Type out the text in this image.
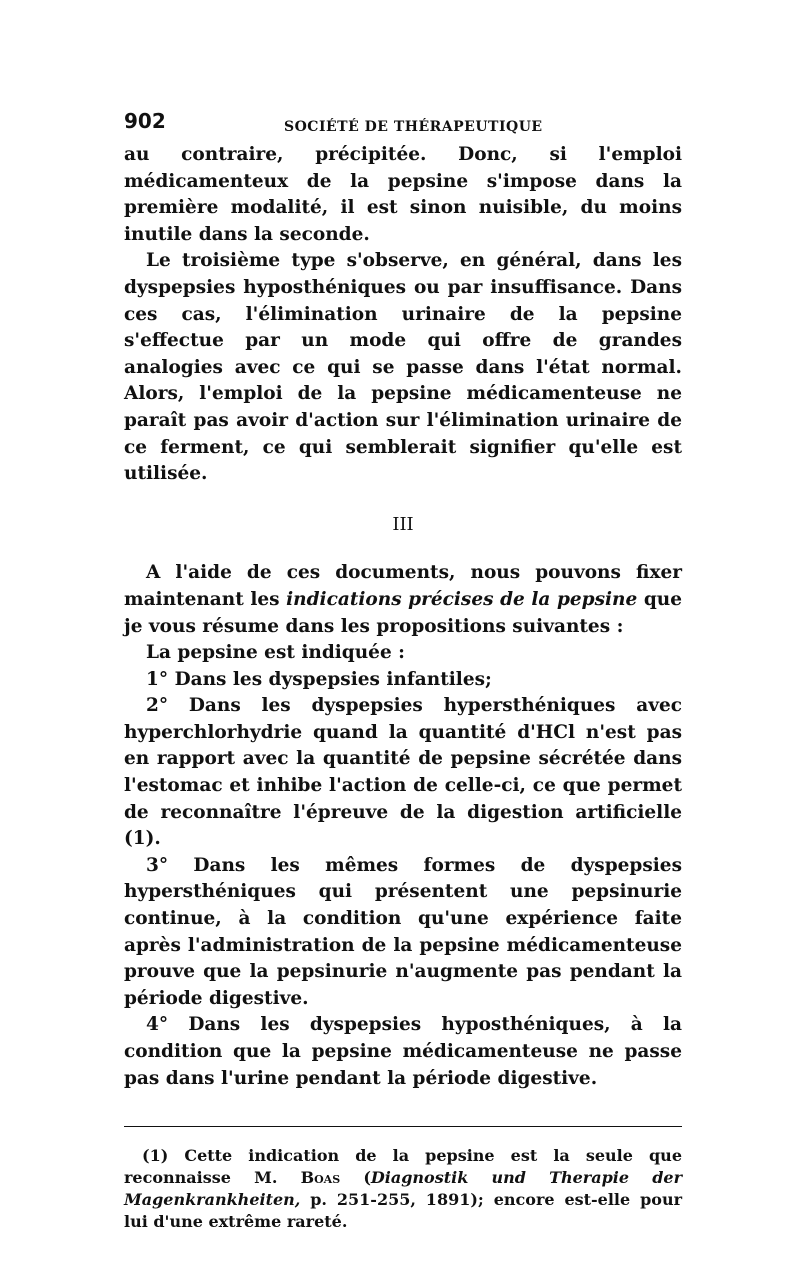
902	SOCIÉTÉ DE THÉRAPEUTIQUE

au contraire, précipitée. Donc, si l'emploi médicamenteux de la pepsine s'impose dans la première modalité, il est sinon nuisible, du moins inutile dans la seconde.

Le troisième type s'observe, en général, dans les dyspepsies hyposthéniques ou par insuffisance. Dans ces cas, l'élimination urinaire de la pepsine s'effectue par un mode qui offre de grandes analogies avec ce qui se passe dans l'état normal. Alors, l'emploi de la pepsine médicamenteuse ne paraît pas avoir d'action sur l'élimination urinaire de ce ferment, ce qui semblerait signifier qu'elle est utilisée.

III

A l'aide de ces documents, nous pouvons fixer maintenant les indications précises de la pepsine que je vous résume dans les propositions suivantes :

La pepsine est indiquée :

1° Dans les dyspepsies infantiles;

2° Dans les dyspepsies hypersthéniques avec hyperchlorhydrie quand la quantité d'HCl n'est pas en rapport avec la quantité de pepsine sécrétée dans l'estomac et inhibe l'action de celle-ci, ce que permet de reconnaître l'épreuve de la digestion artificielle (1).

3° Dans les mêmes formes de dyspepsies hypersthéniques qui présentent une pepsinurie continue, à la condition qu'une expérience faite après l'administration de la pepsine médicamenteuse prouve que la pepsinurie n'augmente pas pendant la période digestive.

4° Dans les dyspepsies hyposthéniques, à la condition que la pepsine médicamenteuse ne passe pas dans l'urine pendant la période digestive.

(1) Cette indication de la pepsine est la seule que reconnaisse M. Boas (Diagnostik und Therapie der Magenkrankheiten, p. 251-255, 1891); encore est-elle pour lui d'une extrême rareté.
